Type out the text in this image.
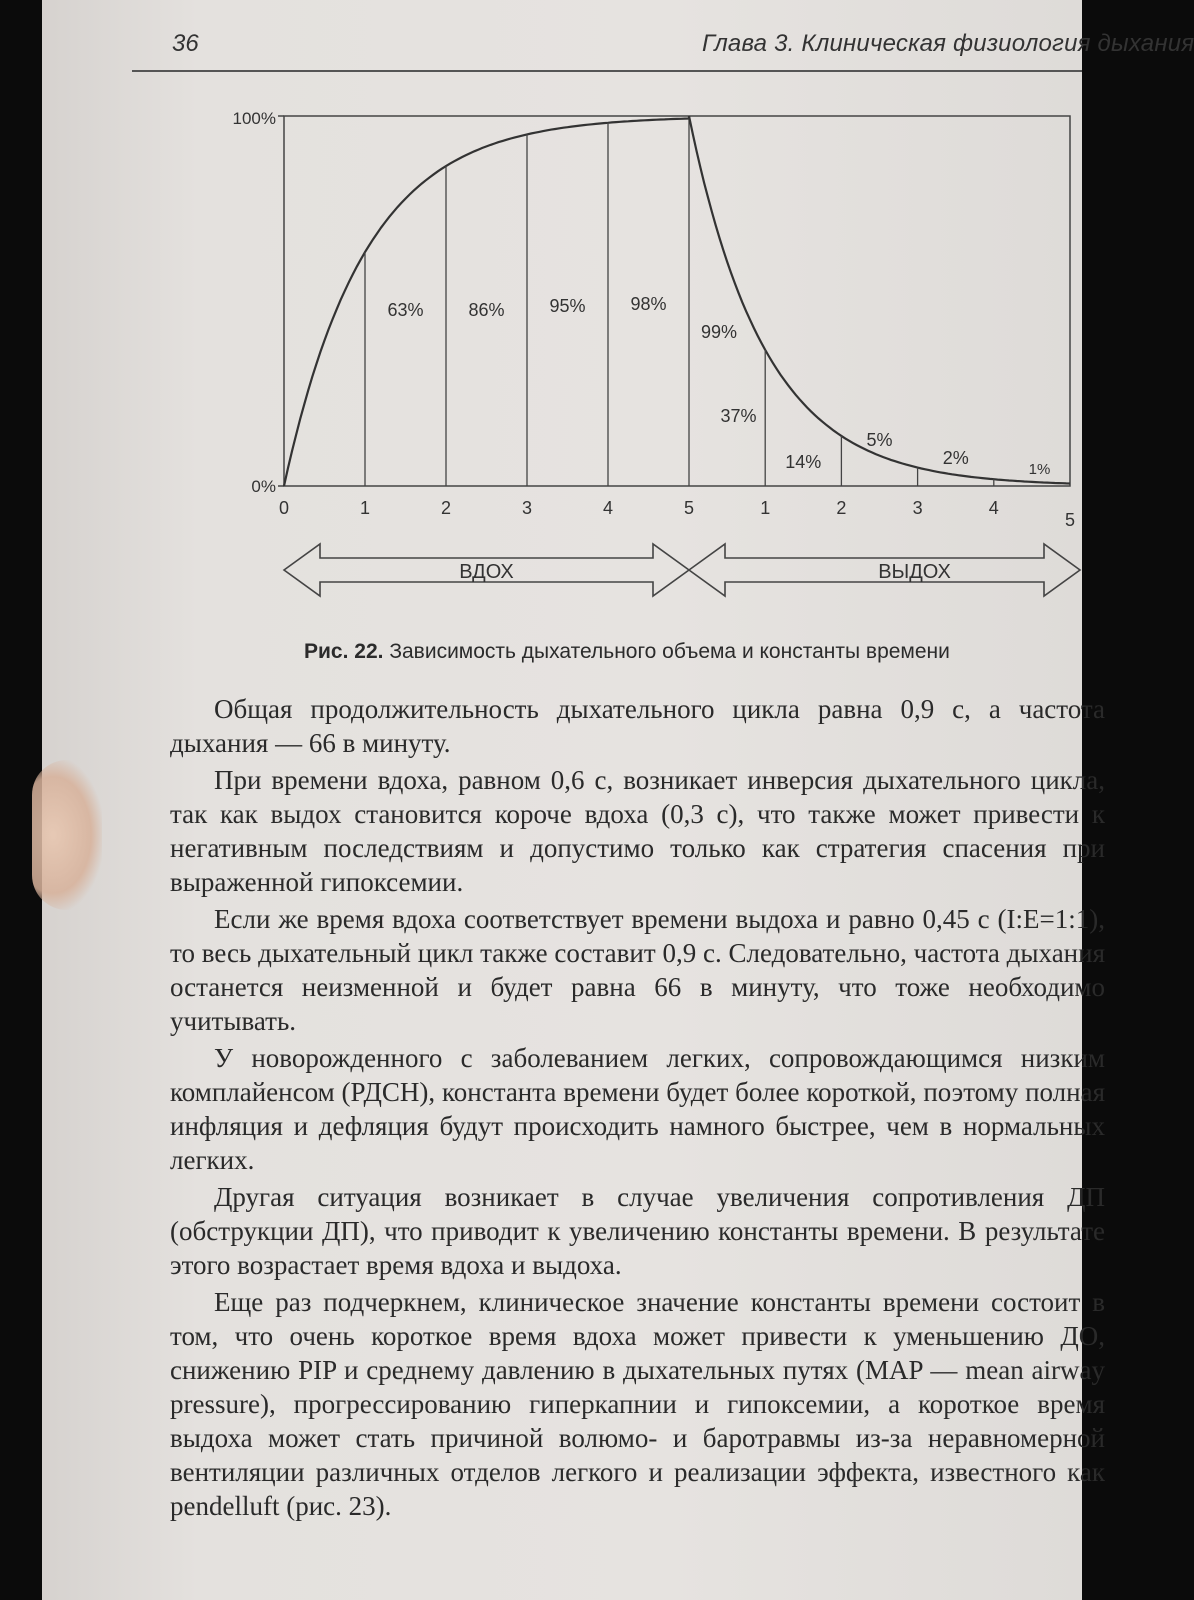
36	Глава 3. Клиническая физиология дыхания
100%
0%
63% 86% 95% 98%
99%
37%
14%
5%
2%
1%
0	1	2	3	4	5	1	2	3	4
5
ВДОХ	ВЫДОХ
Рис. 22. Зависимость дыхательного объема и константы времени

Общая продолжительность дыхательного цикла равна 0,9 с, а частота дыхания — 66 в минуту.

При времени вдоха, равном 0,6 с, возникает инверсия дыхательного цикла, так как выдох становится короче вдоха (0,3 с), что также может привести к негативным последствиям и допустимо только как стратегия спасения при выраженной гипоксемии.

Если же время вдоха соответствует времени выдоха и равно 0,45 с (I:E=1:1), то весь дыхательный цикл также составит 0,9 с. Следовательно, частота дыхания останется неизменной и будет равна 66 в минуту, что тоже необходимо учитывать.

У новорожденного с заболеванием легких, сопровождающимся низким комплайенсом (РДСН), константа времени будет более короткой, поэтому полная инфляция и дефляция будут происходить намного быстрее, чем в нормальных легких.

Другая ситуация возникает в случае увеличения сопротивления ДП (обструкции ДП), что приводит к увеличению константы времени. В результате этого возрастает время вдоха и выдоха.

Еще раз подчеркнем, клиническое значение константы времени состоит в том, что очень короткое время вдоха может привести к уменьшению ДО, снижению PIP и среднему давлению в дыхательных путях (MAP — mean airway pressure), прогрессированию гиперкапнии и гипоксемии, а короткое время выдоха может стать причиной волюмо- и баротравмы из-за неравномерной вентиляции различных отделов легкого и реализации эффекта, известного как pendelluft (рис. 23).
